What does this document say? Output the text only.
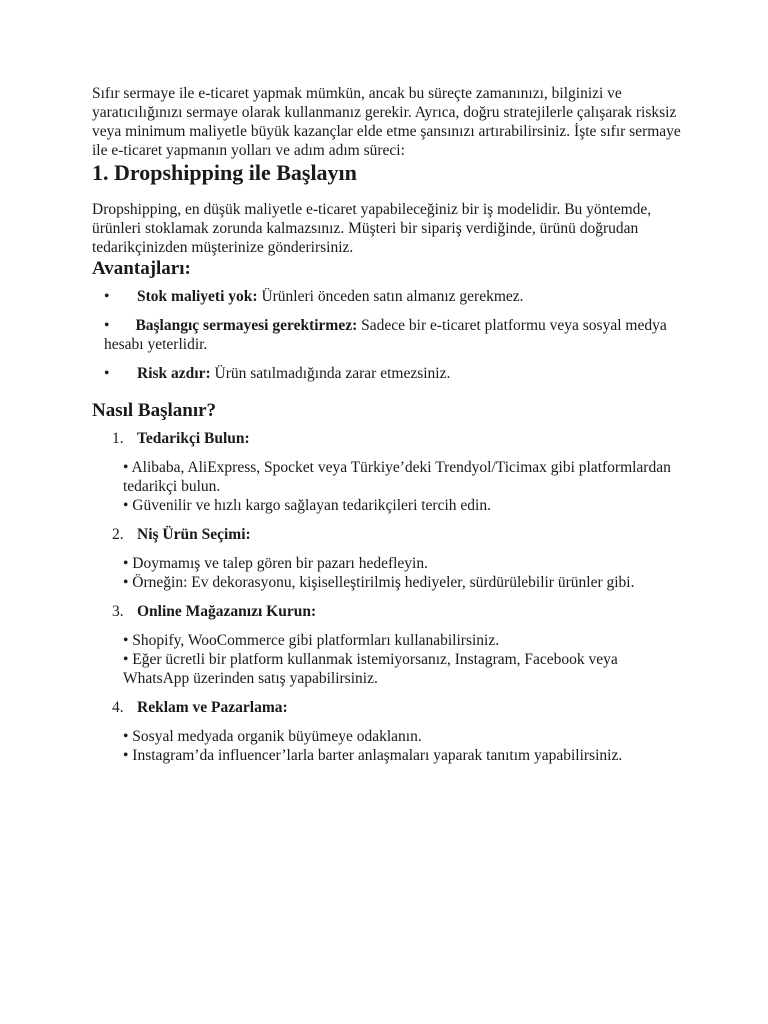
Sıfır sermaye ile e-ticaret yapmak mümkün, ancak bu süreçte zamanınızı, bilginizi ve yaratıcılığınızı sermaye olarak kullanmanız gerekir. Ayrıca, doğru stratejilerle çalışarak risksiz veya minimum maliyetle büyük kazançlar elde etme şansınızı artırabilirsiniz. İşte sıfır sermaye ile e-ticaret yapmanın yolları ve adım adım süreci:

1. Dropshipping ile Başlayın

Dropshipping, en düşük maliyetle e-ticaret yapabileceğiniz bir iş modelidir. Bu yöntemde, ürünleri stoklamak zorunda kalmazsınız. Müşteri bir sipariş verdiğinde, ürünü doğrudan tedarikçinizden müşterinize gönderirsiniz.

Avantajları:
• Stok maliyeti yok: Ürünleri önceden satın almanız gerekmez.
• Başlangıç sermayesi gerektirmez: Sadece bir e-ticaret platformu veya sosyal medya hesabı yeterlidir.
• Risk azdır: Ürün satılmadığında zarar etmezsiniz.
Nasıl Başlanır?
1. Tedarikçi Bulun:

• Alibaba, AliExpress, Spocket veya Türkiye’deki Trendyol/Ticimax gibi platformlardan tedarikçi bulun.

• Güvenilir ve hızlı kargo sağlayan tedarikçileri tercih edin.

2. Niş Ürün Seçimi:

• Doymamış ve talep gören bir pazarı hedefleyin.

• Örneğin: Ev dekorasyonu, kişiselleştirilmiş hediyeler, sürdürülebilir ürünler gibi.

3. Online Mağazanızı Kurun:

• Shopify, WooCommerce gibi platformları kullanabilirsiniz.

• Eğer ücretli bir platform kullanmak istemiyorsanız, Instagram, Facebook veya WhatsApp üzerinden satış yapabilirsiniz.

4. Reklam ve Pazarlama:

• Sosyal medyada organik büyümeye odaklanın.

• Instagram’da influencer’larla barter anlaşmaları yaparak tanıtım yapabilirsiniz.
